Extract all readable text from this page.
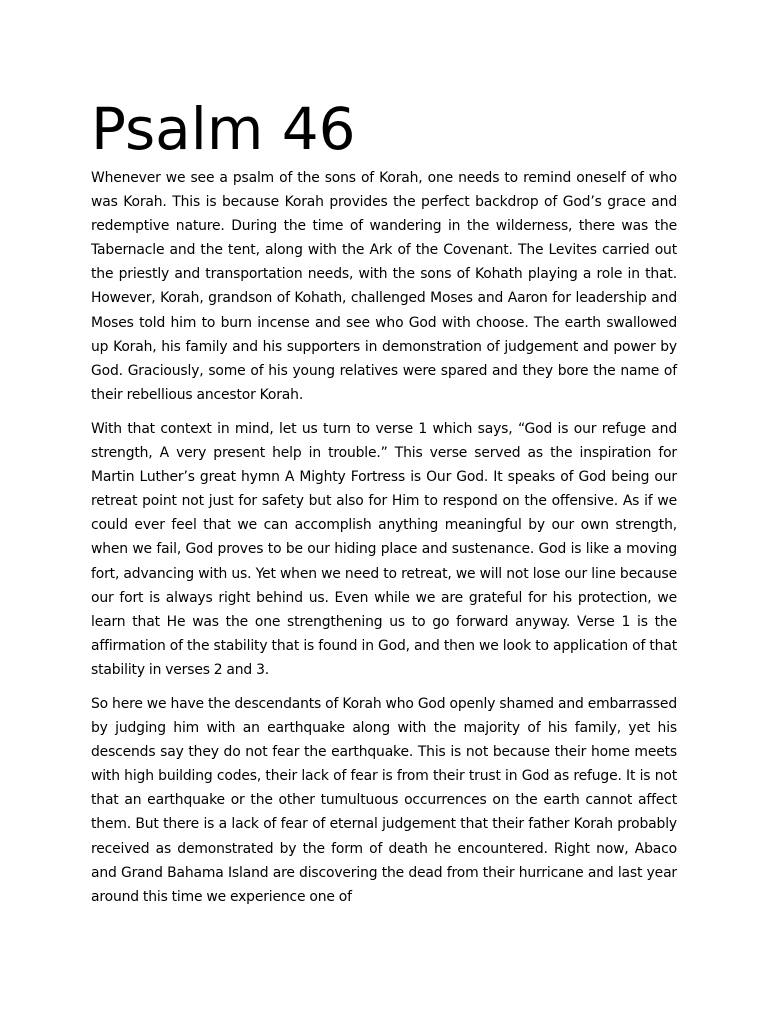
Psalm 46

Whenever we see a psalm of the sons of Korah, one needs to remind oneself of who was Korah. This is because Korah provides the perfect backdrop of God’s grace and redemptive nature. During the time of wandering in the wilderness, there was the Tabernacle and the tent, along with the Ark of the Covenant. The Levites carried out the priestly and transportation needs, with the sons of Kohath playing a role in that. However, Korah, grandson of Kohath, challenged Moses and Aaron for leadership and Moses told him to burn incense and see who God with choose. The earth swallowed up Korah, his family and his supporters in demonstration of judgement and power by God. Graciously, some of his young relatives were spared and they bore the name of their rebellious ancestor Korah.

With that context in mind, let us turn to verse 1 which says, “God is our refuge and strength, A very present help in trouble.” This verse served as the inspiration for Martin Luther’s great hymn A Mighty Fortress is Our God. It speaks of God being our retreat point not just for safety but also for Him to respond on the offensive. As if we could ever feel that we can accomplish anything meaningful by our own strength, when we fail, God proves to be our hiding place and sustenance. God is like a moving fort, advancing with us. Yet when we need to retreat, we will not lose our line because our fort is always right behind us. Even while we are grateful for his protection, we learn that He was the one strengthening us to go forward anyway. Verse 1 is the affirmation of the stability that is found in God, and then we look to application of that stability in verses 2 and 3.

So here we have the descendants of Korah who God openly shamed and embarrassed by judging him with an earthquake along with the majority of his family, yet his descends say they do not fear the earthquake. This is not because their home meets with high building codes, their lack of fear is from their trust in God as refuge. It is not that an earthquake or the other tumultuous occurrences on the earth cannot affect them. But there is a lack of fear of eternal judgement that their father Korah probably received as demonstrated by the form of death he encountered. Right now, Abaco and Grand Bahama Island are discovering the dead from their hurricane and last year around this time we experience one of
